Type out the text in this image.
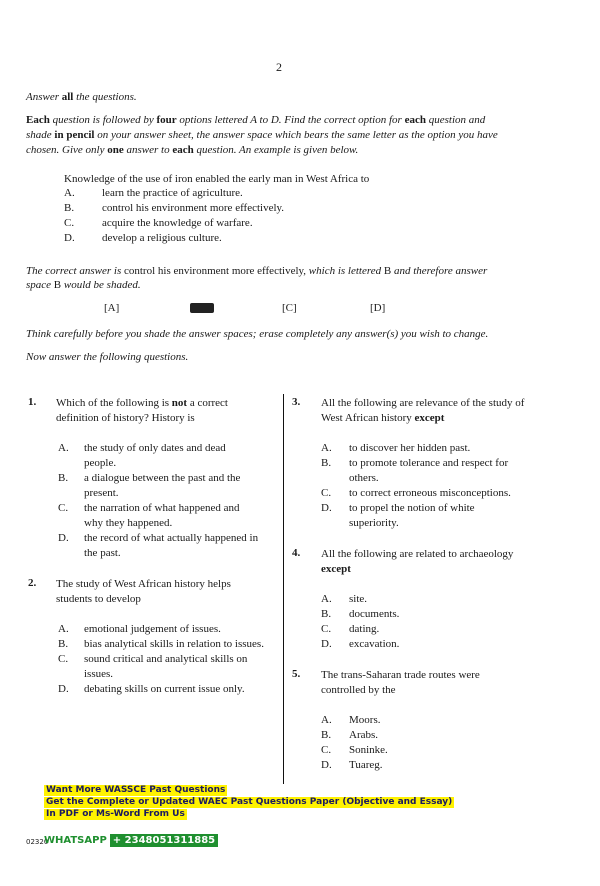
2
Answer all the questions.
Each question is followed by four options lettered A to D. Find the correct option for each question and
shade in pencil on your answer sheet, the answer space which bears the same letter as the option you have
chosen. Give only one answer to each question. An example is given below.
Knowledge of the use of iron enabled the early man in West Africa to
A. learn the practice of agriculture.
B.	control his environment more effectively.
C.	acquire the knowledge of warfare.
D. develop a religious culture.
The correct answer is control his environment more effectively, which is lettered B and therefore answer
space B would be shaded.
[A]	[C]	[D]
Think carefully before you shade the answer spaces; erase completely any answer(s) you wish to change.
Now answer the following questions.
1. Which of the following is not a correct
definition of history? History is
A. the study of only dates and dead
people.
B. a dialogue between the past and the
present.
C. the narration of what happened and
why they happened.
D. the record of what actually happened in
the past.
2. The study of West African history helps
students to develop
A. emotional judgement of issues.
B. bias analytical skills in relation to issues.
C. sound critical and analytical skills on
issues.
D. debating skills on current issue only.
3. All the following are relevance of the study of
West African history except
A. to discover her hidden past.
B. to promote tolerance and respect for
others.
C. to correct erroneous misconceptions.
D. to propel the notion of white
superiority.
4. All the following are related to archaeology
except
A. site.
B. documents.
C. dating.
D. excavation.
5. The trans-Saharan trade routes were
controlled by the
A. Moors.
B. Arabs.
C. Soninke.
D. Tuareg.
Want More WASSCE Past Questions
Get the Complete or Updated WAEC Past Questions Paper (Objective and Essay)
In PDF or Ms-Word From Us
02320
WHATSAPP + 2348051311885
